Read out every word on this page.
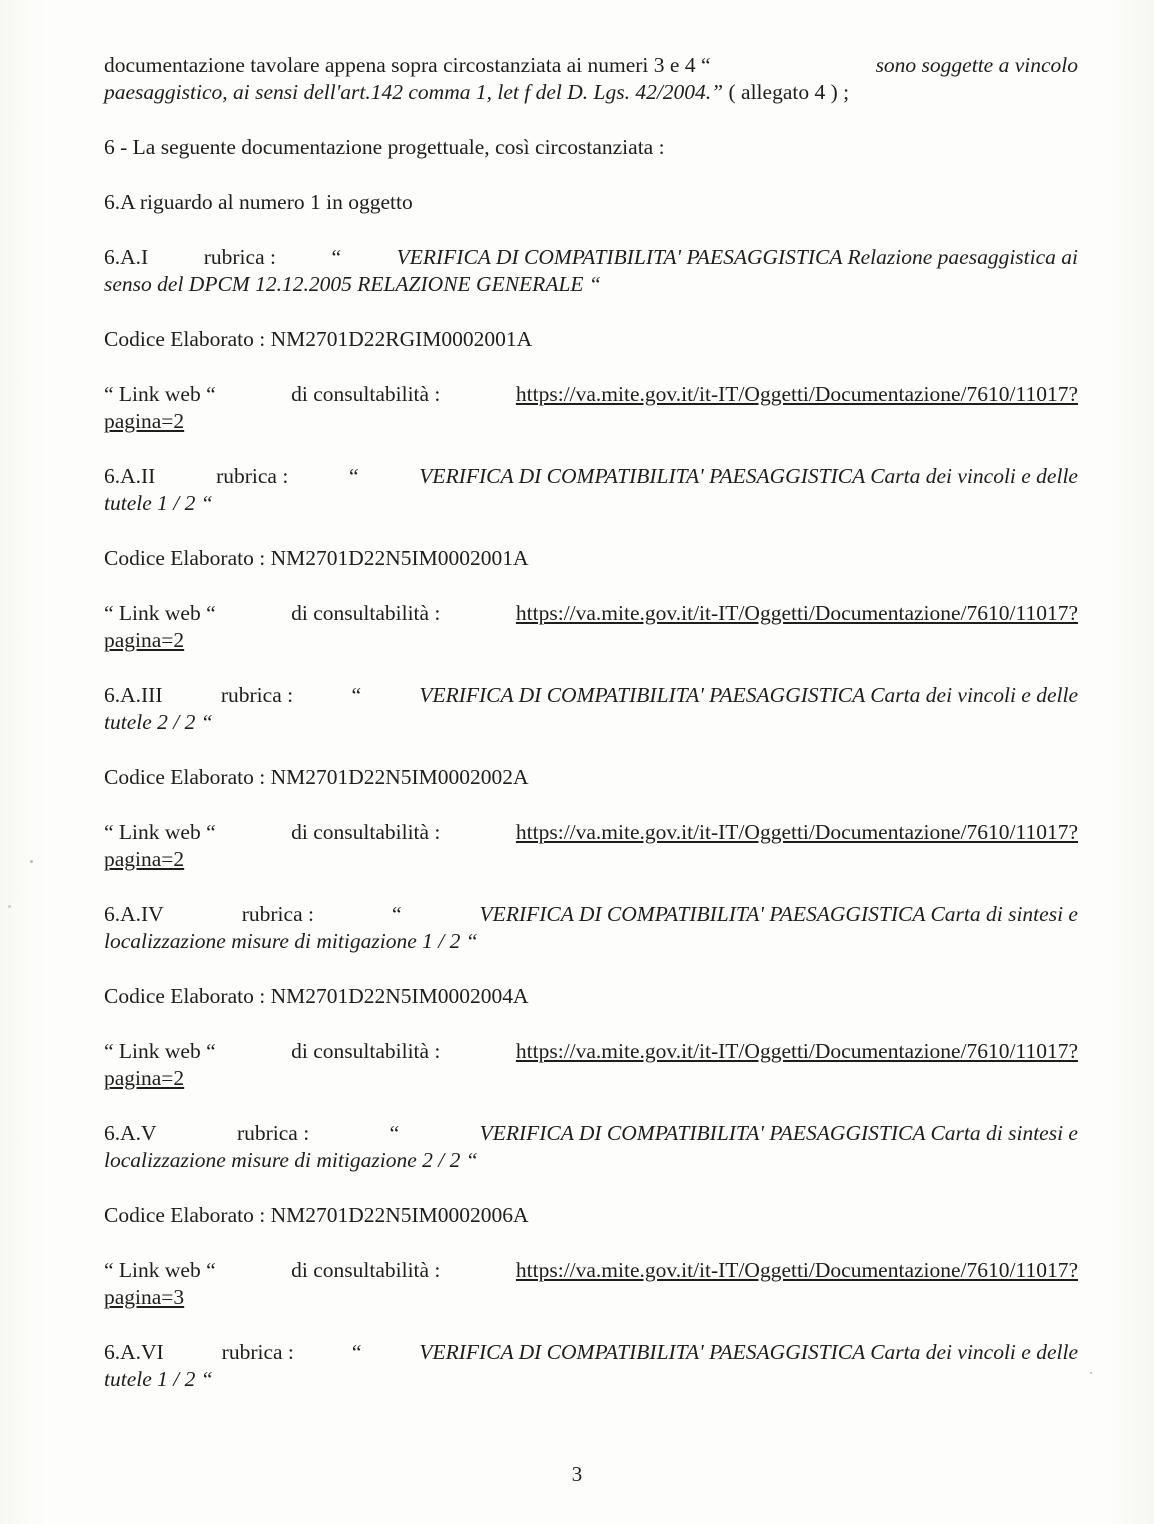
documentazione tavolare appena sopra circostanziata ai numeri 3 e 4 “	sono soggette a vincolo
paesaggistico, ai sensi dell'art.142 comma 1, let f del D. Lgs. 42/2004.” ( allegato 4 ) ;
6 - La seguente documentazione progettuale, così circostanziata :
6.A riguardo al numero 1 in oggetto
6.A.I	rubrica :	“	VERIFICA DI COMPATIBILITA' PAESAGGISTICA Relazione paesaggistica ai
senso del DPCM 12.12.2005 RELAZIONE GENERALE “
Codice Elaborato : NM2701D22RGIM0002001A
“ Link web “	di consultabilità :	https://va.mite.gov.it/it-IT/Oggetti/Documentazione/7610/11017?
pagina=2
6.A.II	rubrica :	“	VERIFICA DI COMPATIBILITA' PAESAGGISTICA Carta dei vincoli e delle
tutele 1 / 2 “
Codice Elaborato : NM2701D22N5IM0002001A
“ Link web “	di consultabilità :	https://va.mite.gov.it/it-IT/Oggetti/Documentazione/7610/11017?
pagina=2
6.A.III	rubrica :	“	VERIFICA DI COMPATIBILITA' PAESAGGISTICA Carta dei vincoli e delle
tutele 2 / 2 “
Codice Elaborato : NM2701D22N5IM0002002A
“ Link web “	di consultabilità :	https://va.mite.gov.it/it-IT/Oggetti/Documentazione/7610/11017?
pagina=2
6.A.IV	rubrica :	“	VERIFICA DI COMPATIBILITA' PAESAGGISTICA Carta di sintesi e
localizzazione misure di mitigazione 1 / 2 “
Codice Elaborato : NM2701D22N5IM0002004A
“ Link web “	di consultabilità :	https://va.mite.gov.it/it-IT/Oggetti/Documentazione/7610/11017?
pagina=2
6.A.V	rubrica :	“	VERIFICA DI COMPATIBILITA' PAESAGGISTICA Carta di sintesi e
localizzazione misure di mitigazione 2 / 2 “
Codice Elaborato : NM2701D22N5IM0002006A
“ Link web “	di consultabilità :	https://va.mite.gov.it/it-IT/Oggetti/Documentazione/7610/11017?
pagina=3
6.A.VI	rubrica :	“	VERIFICA DI COMPATIBILITA' PAESAGGISTICA Carta dei vincoli e delle
tutele 1 / 2 “
3
